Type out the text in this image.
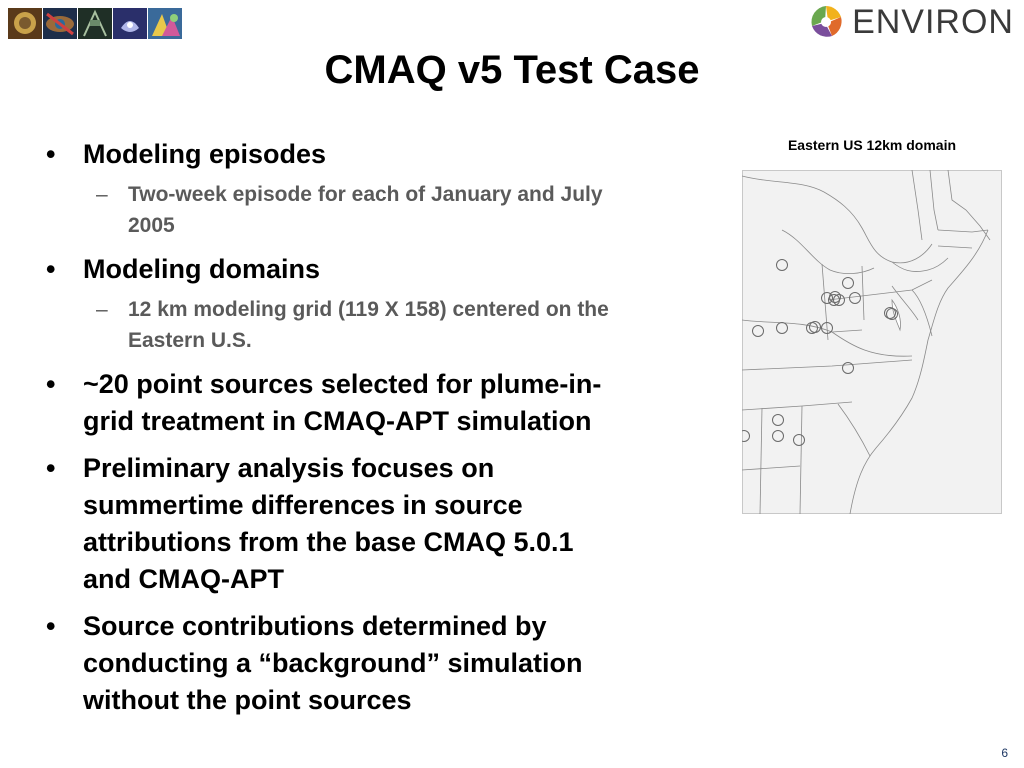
ENVIRON
CMAQ v5 Test Case
• Modeling episodes
– Two-week episode for each of January and July 2005
• Modeling domains
– 12 km modeling grid (119 X 158) centered on the Eastern U.S.
• ~20 point sources selected for plume-in-grid treatment in CMAQ-APT simulation
• Preliminary analysis focuses on summertime differences in source attributions from the base CMAQ 5.0.1 and CMAQ-APT
• Source contributions determined by conducting a “background” simulation without the point sources
Eastern US 12km domain
6
